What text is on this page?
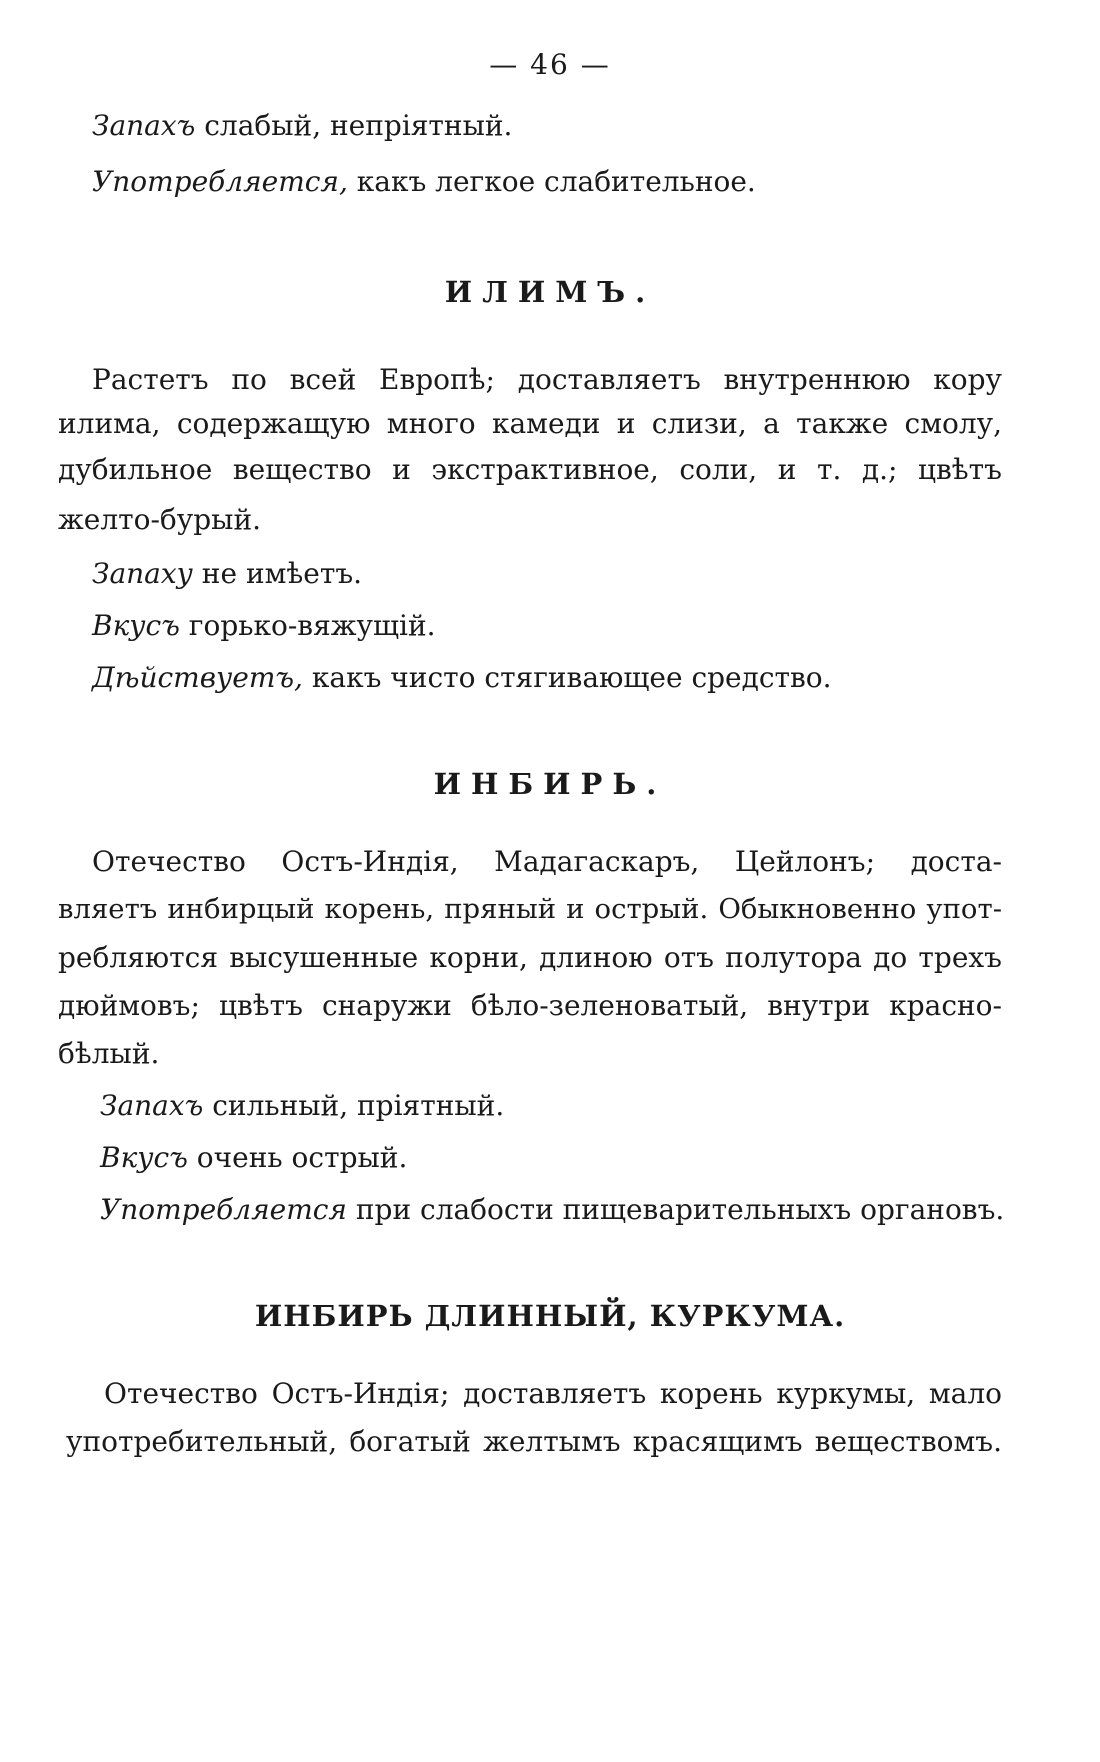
— 46 —
Запахъ слабый, непріятный.
Употребляется, какъ легкое слабительное.
ИЛИМЪ.
Растетъ по всей Европѣ; доставляетъ внутреннюю кору
илима, содержащую много камеди и слизи, а также смолу,
дубильное вещество и экстрактивное, соли, и т. д.; цвѣтъ
желто-бурый.
Запаху не имѣетъ.
Вкусъ горько-вяжущій.
Дѣйствуетъ, какъ чисто стягивающее средство.
ИНБИРЬ.
Отечество Остъ-Индія, Мадагаскаръ, Цейлонъ; доста-
вляетъ инбирцый корень, пряный и острый. Обыкновенно упот-
ребляются высушенные корни, длиною отъ полутора до трехъ
дюймовъ; цвѣтъ снаружи бѣло-зеленоватый, внутри красно-
бѣлый.
Запахъ сильный, пріятный.
Вкусъ очень острый.
Употребляется при слабости пищеварительныхъ органовъ.
ИНБИРЬ ДЛИННЫЙ, КУРКУМА.
Отечество Остъ-Индія; доставляетъ корень куркумы, мало
употребительный, богатый желтымъ красящимъ веществомъ.
